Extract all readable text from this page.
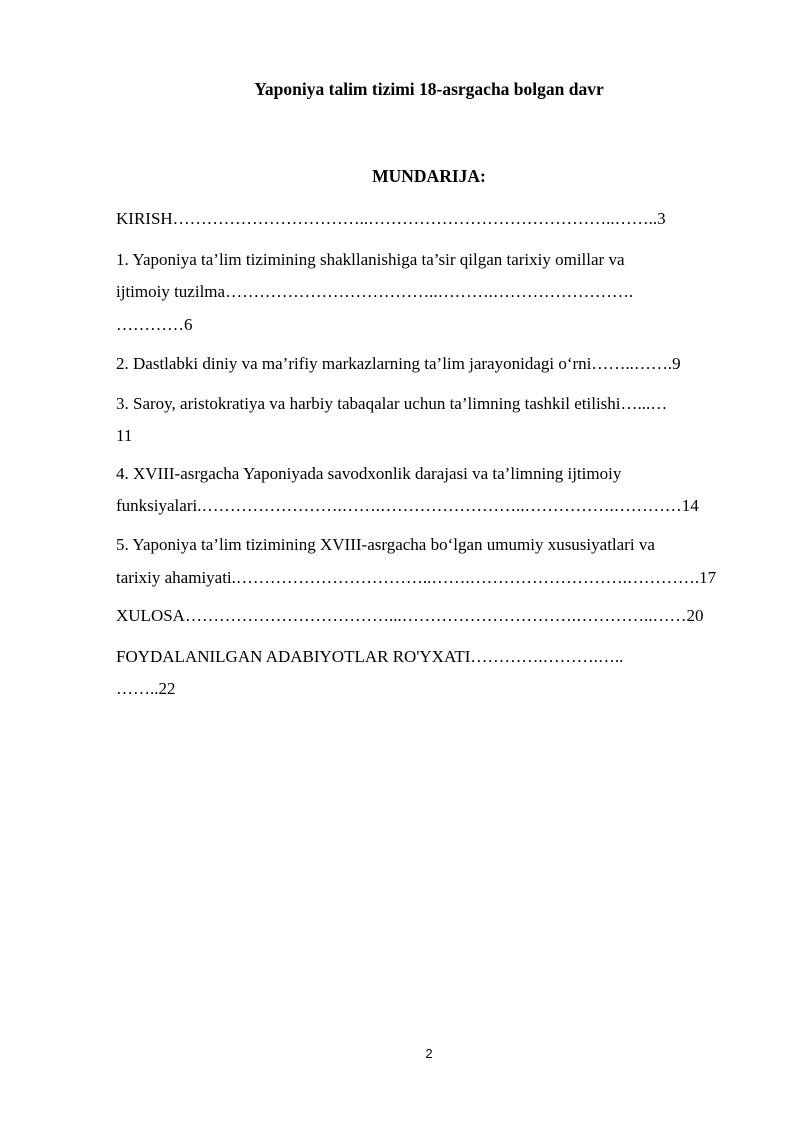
Yaponiya talim tizimi 18-asrgacha bolgan davr
MUNDARIJA:
KIRISH……………………………..……………………………………..……..3
1. Yaponiya ta’lim tizimining shakllanishiga ta’sir qilgan tarixiy omillar va
ijtimoiy tuzilma………………………………..……….…………………….
…………6
2. Dastlabki diniy va ma’rifiy markazlarning ta’lim jarayonidagi o‘rni……..…….9
3. Saroy, aristokratiya va harbiy tabaqalar uchun ta’limning tashkil etilishi…...…
11
4. XVIII-asrgacha Yaponiyada savodxonlik darajasi va ta’limning ijtimoiy
funksiyalari.…………………….…….……………………..…………….…………14
5. Yaponiya ta’lim tizimining XVIII-asrgacha bo‘lgan umumiy xususiyatlari va
tarixiy ahamiyati.……………………………..…….……………………….………….17
XULOSA………………………………...………………………….…………..……20
FOYDALANILGAN ADABIYOTLAR RO'YXATI………….……….…..
……..22
2
